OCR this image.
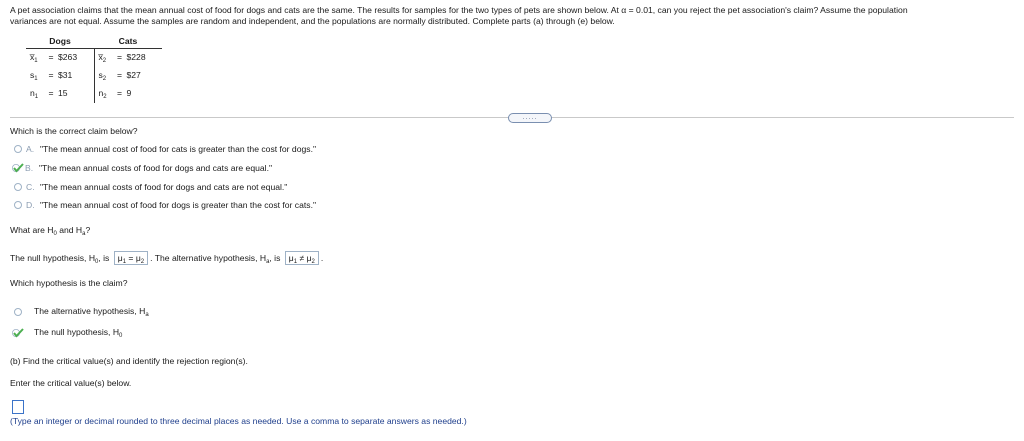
A pet association claims that the mean annual cost of food for dogs and cats are the same. The results for samples for the two types of pets are shown below. At α = 0.01, can you reject the pet association's claim? Assume the population
variances are not equal. Assume the samples are random and independent, and the populations are normally distributed. Complete parts (a) through (e) below.
Dogs	Cats
$x̅_1$ = $263	$x̅_2$ = $228
$s_1$ = $31	$s_2$ = $27
$n_1 = 15$	$n_2 = 9$
.....
Which is the correct claim below?
A. "The mean annual cost of food for cats is greater than the cost for dogs."
B. "The mean annual costs of food for dogs and cats are equal."
C. "The mean annual costs of food for dogs and cats are not equal."
D. "The mean annual cost of food for dogs is greater than the cost for cats."
What are $H_0$ and $H_a$?
The null hypothesis, $H_0$, is $\mu_1 = \mu_2$ . The alternative hypothesis, $H_a$, is $\mu_1 \ne \mu_2$ .
Which hypothesis is the claim?
The alternative hypothesis, $H_a$
The null hypothesis, $H_0$
(b) Find the critical value(s) and identify the rejection region(s).
Enter the critical value(s) below.
(Type an integer or decimal rounded to three decimal places as needed. Use a comma to separate answers as needed.)
